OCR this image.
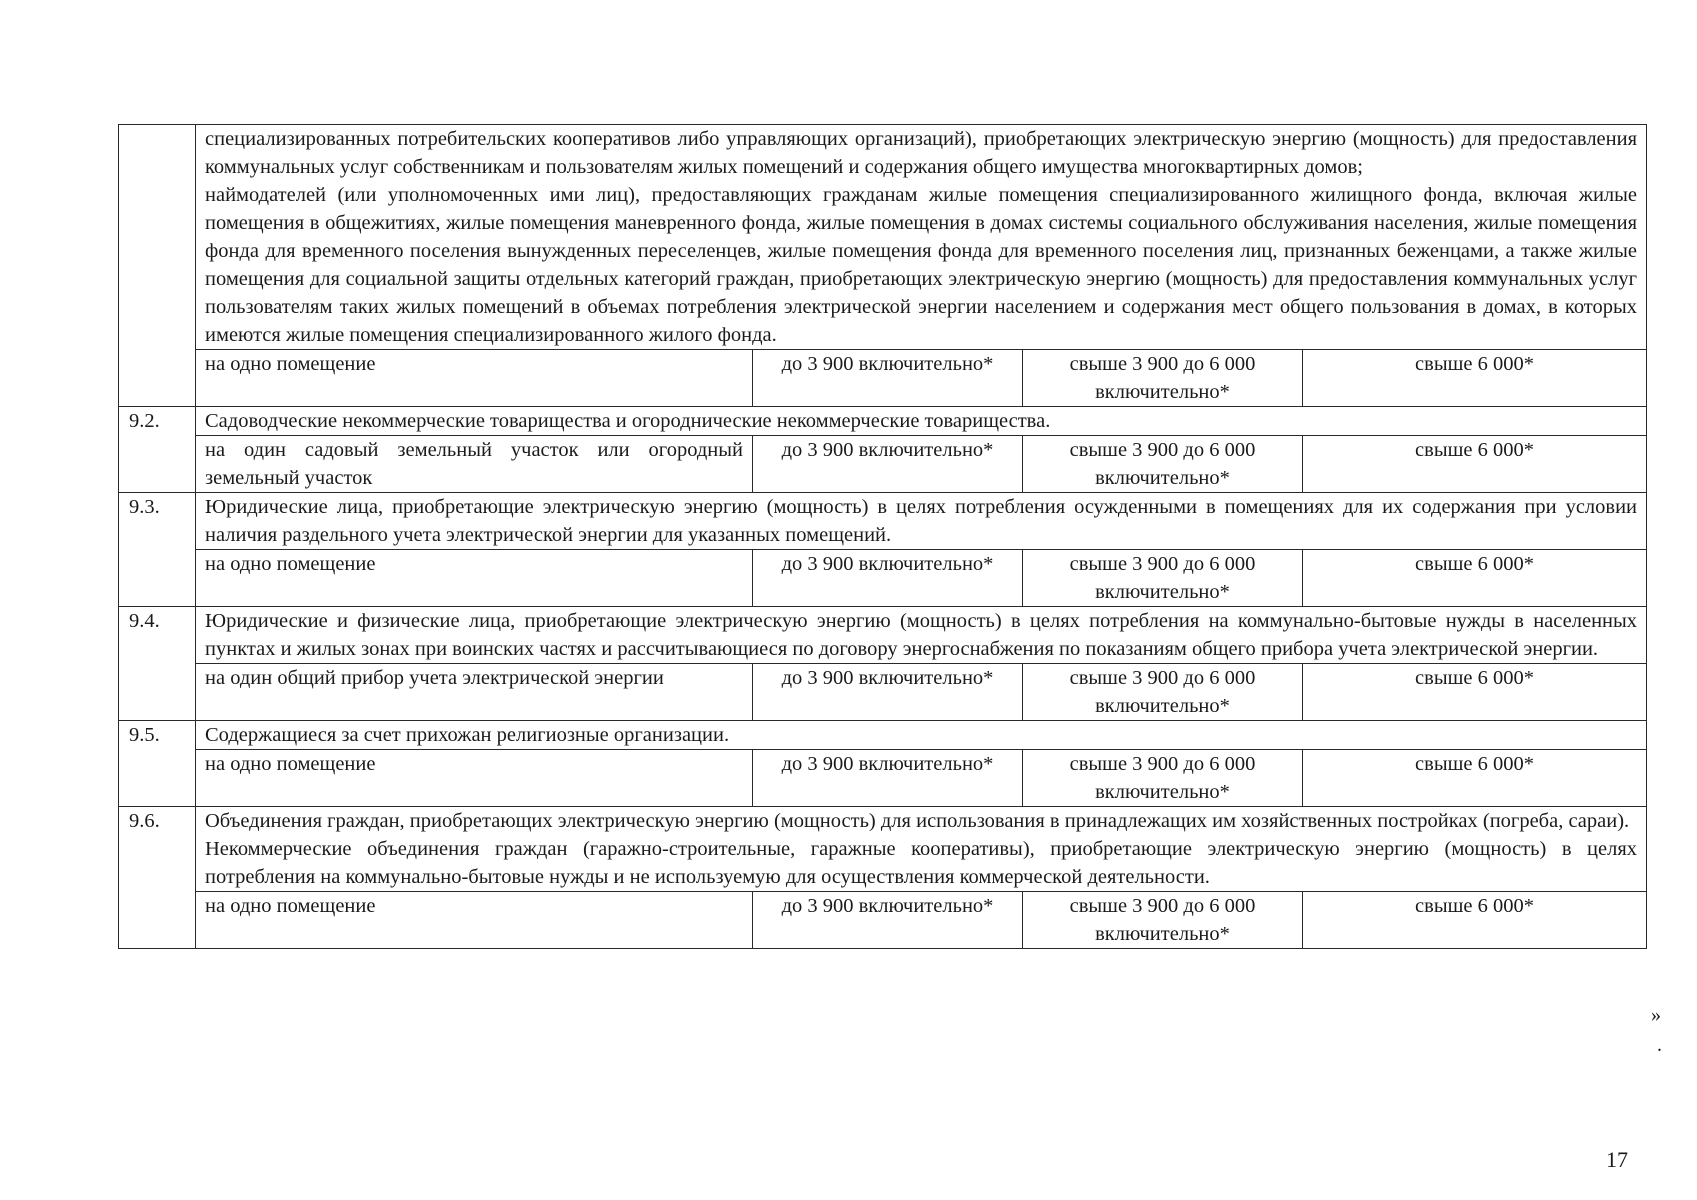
	специализированных потребительских кооперативов либо управляющих организаций), приобретающих электрическую энергию (мощность) для предоставления коммунальных услуг собственникам и пользователям жилых помещений и содержания общего имущества многоквартирных домов;

наймодателей (или уполномоченных ими лиц), предоставляющих гражданам жилые помещения специализированного жилищного фонда, включая жилые помещения в общежитиях, жилые помещения маневренного фонда, жилые помещения в домах системы социального обслуживания населения, жилые помещения фонда для временного поселения вынужденных переселенцев, жилые помещения фонда для временного поселения лиц, признанных беженцами, а также жилые помещения для социальной защиты отдельных категорий граждан, приобретающих электрическую энергию (мощность) для предоставления коммунальных услуг пользователям таких жилых помещений в объемах потребления электрической энергии населением и содержания мест общего пользования в домах, в которых имеются жилые помещения специализированного жилого фонда.			

	на одно помещение	до 3 900 включительно*	свыше 3 900 до 6 000 включительно*	свыше 6 000*
9.2.	Садоводческие некоммерческие товарищества и огороднические некоммерческие товарищества.			

	на один садовый земельный участок или огородный земельный участок	до 3 900 включительно*	свыше 3 900 до 6 000 включительно*	свыше 6 000*
9.3.	Юридические лица, приобретающие электрическую энергию (мощность) в целях потребления осужденными в помещениях для их содержания при условии наличия раздельного учета электрической энергии для указанных помещений.			

	на одно помещение	до 3 900 включительно*	свыше 3 900 до 6 000 включительно*	свыше 6 000*
9.4.	Юридические и физические лица, приобретающие электрическую энергию (мощность) в целях потребления на коммунально-бытовые нужды в населенных пунктах и жилых зонах при воинских частях и рассчитывающиеся по договору энергоснабжения по показаниям общего прибора учета электрической энергии.			

	на один общий прибор учета электрической энергии	до 3 900 включительно*	свыше 3 900 до 6 000 включительно*	свыше 6 000*
9.5.	Содержащиеся за счет прихожан религиозные организации.			

	на одно помещение	до 3 900 включительно*	свыше 3 900 до 6 000 включительно*	свыше 6 000*
9.6.	Объединения граждан, приобретающих электрическую энергию (мощность) для использования в принадлежащих им хозяйственных постройках (погреба, сараи).

Некоммерческие объединения граждан (гаражно-строительные, гаражные кооперативы), приобретающие электрическую энергию (мощность) в целях потребления на коммунально-бытовые нужды и не используемую для осуществления коммерческой деятельности.			

	на одно помещение	до 3 900 включительно*	свыше 3 900 до 6 000 включительно*	свыше 6 000*
»
.
17
